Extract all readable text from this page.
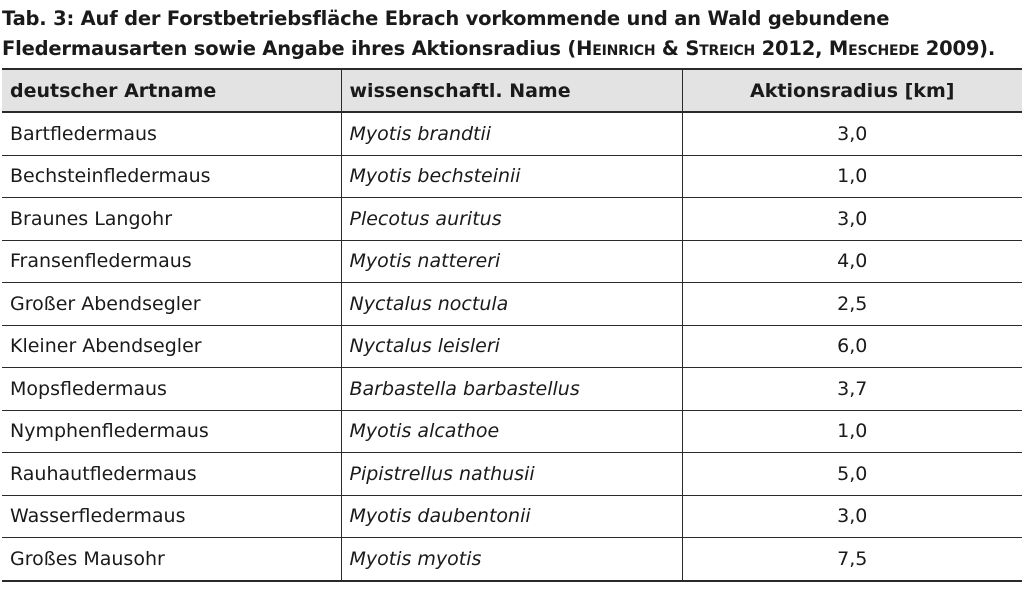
Tab. 3: Auf der Forstbetriebsfläche Ebrach vorkommende und an Wald gebundene Fledermausarten sowie Angabe ihres Aktionsradius (Heinrich & Streich 2012, Meschede 2009).
deutscher Artname	wissenschaftl. Name	Aktionsradius [km]
Bartfledermaus	Myotis brandtii	3,0
Bechsteinfledermaus	Myotis bechsteinii	1,0
Braunes Langohr	Plecotus auritus	3,0
Fransenfledermaus	Myotis nattereri	4,0
Großer Abendsegler	Nyctalus noctula	2,5
Kleiner Abendsegler	Nyctalus leisleri	6,0
Mopsfledermaus	Barbastella barbastellus	3,7
Nymphenfledermaus	Myotis alcathoe	1,0
Rauhautfledermaus	Pipistrellus nathusii	5,0
Wasserfledermaus	Myotis daubentonii	3,0
Großes Mausohr	Myotis myotis	7,5
